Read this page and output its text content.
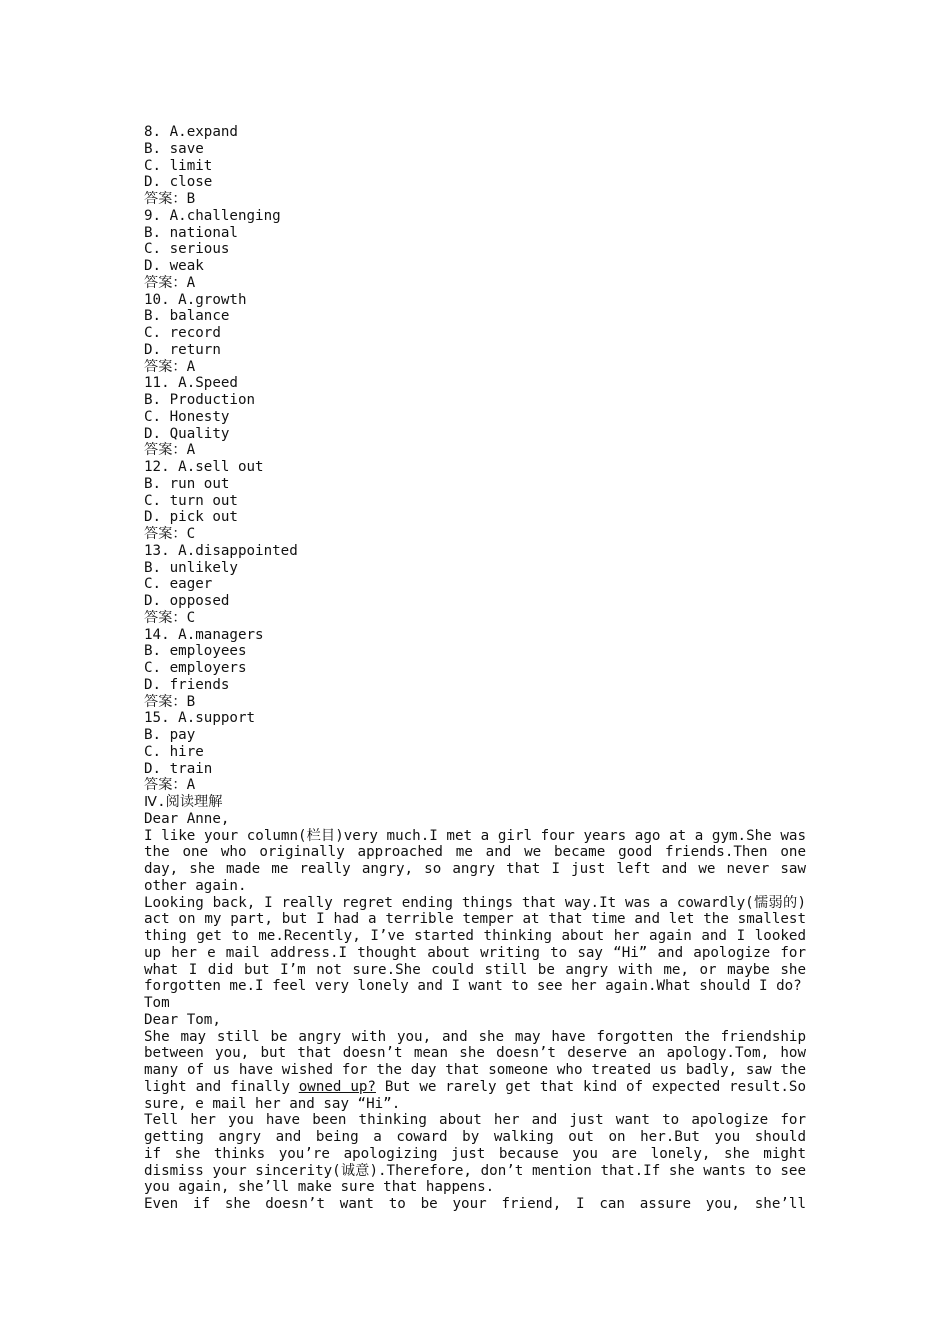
8. A.expand
B. save
C. limit
D. close
答案：B
9. A.challenging
B. national
C. serious
D. weak
答案：A
10. A.growth
B. balance
C. record
D. return
答案：A
11. A.Speed
B. Production
C. Honesty
D. Quality
答案：A
12. A.sell out
B. run out
C. turn out
D. pick out
答案：C
13. A.disappointed
B. unlikely
C. eager
D. opposed
答案：C
14. A.managers
B. employees
C. employers
D. friends
答案：B
15. A.support
B. pay
C. hire
D. train
答案：A
Ⅳ.阅读理解
Dear Anne,
I like your column(栏目)very much.I met a girl four years ago at a gym.She was
the one who originally approached me and we became good friends.Then one
day, she made me really angry, so angry that I just left and we never saw
other again.
Looking back, I really regret ending things that way.It was a cowardly(懦弱的)
act on my part, but I had a terrible temper at that time and let the smallest
thing get to me.Recently, I’ve started thinking about her again and I looked
up her e mail address.I thought about writing to say “Hi” and apologize for
what I did but I’m not sure.She could still be angry with me, or maybe she
forgotten me.I feel very lonely and I want to see her again.What should I do?
Tom
Dear Tom,
She may still be angry with you, and she may have forgotten the friendship
between you, but that doesn’t mean she doesn’t deserve an apology.Tom, how
many of us have wished for the day that someone who treated us badly, saw the
light and finally owned up? But we rarely get that kind of expected result.So
sure, e mail her and say “Hi”.
Tell her you have been thinking about her and just want to apologize for
getting angry and being a coward by walking out on her.But you should
if she thinks you’re apologizing just because you are lonely, she might
dismiss your sincerity(诚意).Therefore, don’t mention that.If she wants to see
you again, she’ll make sure that happens.
Even if she doesn’t want to be your friend, I can assure you, she’ll
